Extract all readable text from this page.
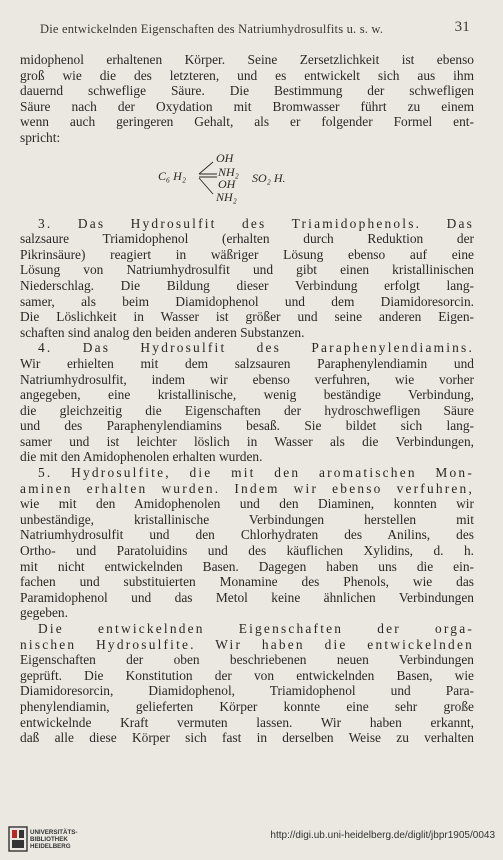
Die entwickelnden Eigenschaften des Natriumhydrosulfits u. s. w.	31
midophenol erhaltenen Körper. Seine Zersetzlichkeit ist ebenso
groß wie die des letzteren, und es entwickelt sich aus ihm
dauernd schweflige Säure. Die Bestimmung der schwefligen
Säure nach der Oxydation mit Bromwasser führt zu einem
wenn auch geringeren Gehalt, als er folgender Formel ent-
spricht:
OH
C₆ H₂	NH₂
OH SO₂ H.
NH₂
3. Das Hydrosulfit des Triamidophenols. Das
salzsaure Triamidophenol (erhalten durch Reduktion der
Pikrinsäure) reagiert in wäßriger Lösung ebenso auf eine
Lösung von Natriumhydrosulfit und gibt einen kristallinischen
Niederschlag. Die Bildung dieser Verbindung erfolgt lang-
samer, als beim Diamidophenol und dem Diamidoresorcin.
Die Löslichkeit in Wasser ist größer und seine anderen Eigen-
schaften sind analog den beiden anderen Substanzen.
4. Das Hydrosulfit des Paraphenylendiamins.
Wir erhielten mit dem salzsauren Paraphenylendiamin und
Natriumhydrosulfit, indem wir ebenso verfuhren, wie vorher
angegeben, eine kristallinische, wenig beständige Verbindung,
die gleichzeitig die Eigenschaften der hydroschwefligen Säure
und des Paraphenylendiamins besaß. Sie bildet sich lang-
samer und ist leichter löslich in Wasser als die Verbindungen,
die mit den Amidophenolen erhalten wurden.
5. Hydrosulfite, die mit den aromatischen Mon-
aminen erhalten wurden. Indem wir ebenso verfuhren,
wie mit den Amidophenolen und den Diaminen, konnten wir
unbeständige, kristallinische Verbindungen herstellen mit
Natriumhydrosulfit und den Chlorhydraten des Anilins, des
Ortho- und Paratoluidins und des käuflichen Xylidins, d. h.
mit nicht entwickelnden Basen. Dagegen haben uns die ein-
fachen und substituierten Monamine des Phenols, wie das
Paramidophenol und das Metol keine ähnlichen Verbindungen
gegeben.
Die entwickelnden Eigenschaften der orga-
nischen Hydrosulfite. Wir haben die entwickelnden
Eigenschaften der oben beschriebenen neuen Verbindungen
geprüft. Die Konstitution der von entwickelnden Basen, wie
Diamidoresorcin, Diamidophenol, Triamidophenol und Para-
phenylendiamin, gelieferten Körper konnte eine sehr große
entwickelnde Kraft vermuten lassen. Wir haben erkannt,
daß alle diese Körper sich fast in derselben Weise zu verhalten
UNIVERSITÄTS-
BIBLIOTHEK
HEIDELBERG
http://digi.ub.uni-heidelberg.de/diglit/jbpr1905/0043
